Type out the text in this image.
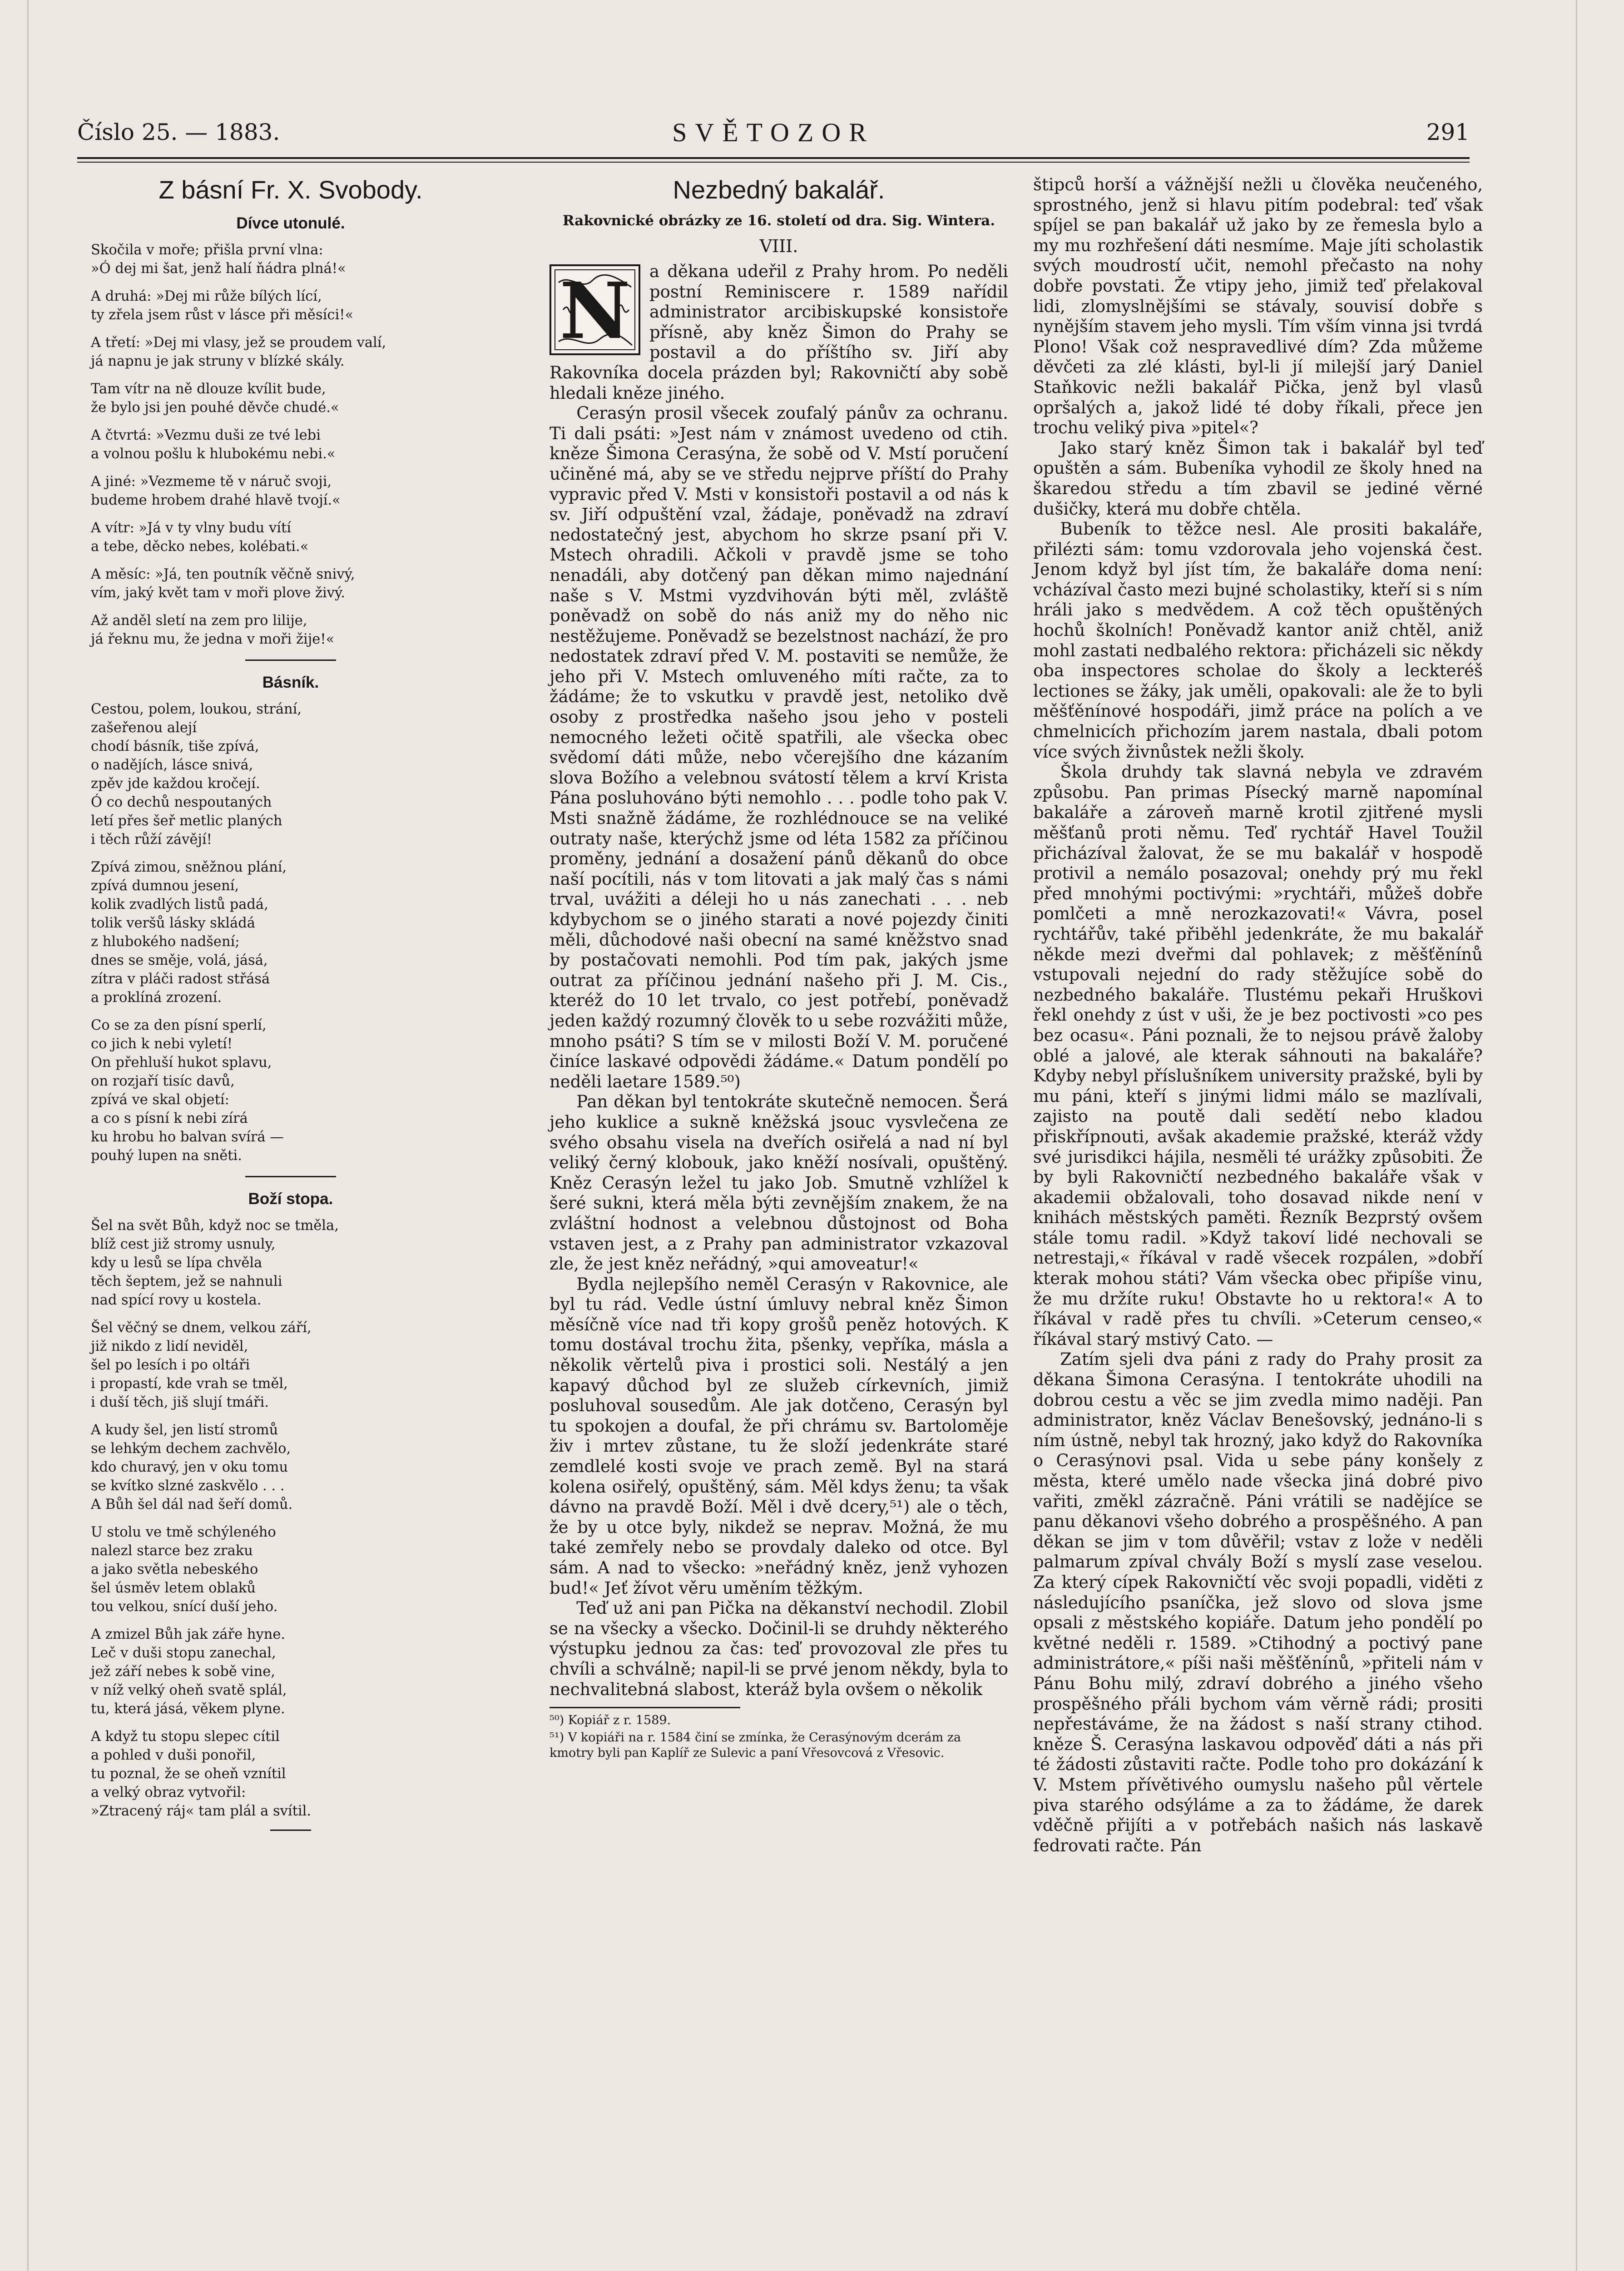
Číslo 25. — 1883.	SVĚTOZOR	291
Z básní Fr. X. Svobody.
Dívce utonulé.
Skočila v moře; přišla první vlna:
»Ó dej mi šat, jenž halí ňádra plná!«
A druhá: »Dej mi růže bílých lící,
ty zřela jsem růst v lásce při měsíci!«
A třetí: »Dej mi vlasy, jež se proudem valí,
já napnu je jak struny v blízké skály.
Tam vítr na ně dlouze kvílit bude,
že bylo jsi jen pouhé děvče chudé.«
A čtvrtá: »Vezmu duši ze tvé lebi
a volnou pošlu k hlubokému nebi.«
A jiné: »Vezmeme tě v náruč svoji,
budeme hrobem drahé hlavě tvojí.«
A vítr: »Já v ty vlny budu vítí
a tebe, děcko nebes, kolébati.«
A měsíc: »Já, ten poutník věčně snivý,
vím, jaký květ tam v moři plove živý.
Až anděl sletí na zem pro lilije,
já řeknu mu, že jedna v moři žije!«
Básník.
Cestou, polem, loukou, strání,
zašeřenou alejí
chodí básník, tiše zpívá,
o nadějích, lásce snivá,
zpěv jde každou kročejí.
Ó co dechů nespoutaných
letí přes šeř metlic planých
i těch růží závějí!
Zpívá zimou, sněžnou plání,
zpívá dumnou jesení,
kolik zvadlých listů padá,
tolik veršů lásky skládá
z hlubokého nadšení;
dnes se směje, volá, jásá,
zítra v pláči radost střásá
a proklíná zrození.
Co se za den písní sperlí,
co jich k nebi vyletí!
On přehluší hukot splavu,
on rozjaří tisíc davů,
zpívá ve skal objetí:
a co s písní k nebi zírá
ku hrobu ho balvan svírá —
pouhý lupen na sněti.
Boží stopa.
Šel na svět Bůh, když noc se tměla,
blíž cest již stromy usnuly,
kdy u lesů se lípa chvěla
těch šeptem, jež se nahnuli
nad spící rovy u kostela.
Šel věčný se dnem, velkou září,
již nikdo z lidí neviděl,
šel po lesích i po oltáři
i propastí, kde vrah se tměl,
i duší těch, jiš slují tmáři.
A kudy šel, jen listí stromů
se lehkým dechem zachvělo,
kdo churavý, jen v oku tomu
se kvítko slzné zaskvělo . . .
A Bůh šel dál nad šeří domů.
U stolu ve tmě schýleného
nalezl starce bez zraku
a jako světla nebeského
šel úsměv letem oblaků
tou velkou, snící duší jeho.
A zmizel Bůh jak záře hyne.
Leč v duši stopu zanechal,
jež září nebes k sobě vine,
v níž velký oheň svatě splál,
tu, která jásá, věkem plyne.
A když tu stopu slepec cítil
a pohled v duši ponořil,
tu poznal, že se oheň vznítil
a velký obraz vytvořil:
»Ztracený ráj« tam plál a svítil.
Nezbedný bakalář.
Rakovnické obrázky ze 16. století od dra. Sig. Wintera.
VIII.
N	a děkana udeřil z Prahy hrom. Po neděli postní Reminiscere r. 1589 nařídil administrator arcibiskupské konsistoře přísně, aby kněz Šimon do Prahy se postavil a do příštího sv. Jiří aby Rakovníka docela prázden byl; Rakovničtí aby sobě hledali kněze jiného.

Cerasýn prosil všecek zoufalý pánův za ochranu. Ti dali psáti: »Jest nám v známost uvedeno od ctih. kněze Šimona Cerasýna, že sobě od V. Mstí poručení učiněné má, aby se ve středu nejprve příští do Prahy vypravic před V. Msti v konsistoři postavil a od nás k sv. Jiří odpuštění vzal, žádaje, poněvadž na zdraví nedostatečný jest, abychom ho skrze psaní při V. Mstech ohradili. Ačkoli v pravdě jsme se toho nenadáli, aby dotčený pan děkan mimo najednání naše s V. Mstmi vyzdvihován býti měl, zvláště poněvadž on sobě do nás aniž my do něho nic nestěžujeme. Poněvadž se bezelstnost nachází, že pro nedostatek zdraví před V. M. postaviti se nemůže, že jeho při V. Mstech omluveného míti račte, za to žádáme; že to vskutku v pravdě jest, netoliko dvě osoby z prostředka našeho jsou jeho v posteli nemocného ležeti očitě spatřili, ale všecka obec svědomí dáti může, nebo včerejšího dne kázaním slova Božího a velebnou svátostí tělem a krví Krista Pána posluhováno býti nemohlo . . . podle toho pak V. Msti snažně žádáme, že rozhlédnouce se na veliké outraty naše, kterýchž jsme od léta 1582 za příčinou proměny, jednání a dosažení pánů děkanů do obce naší pocítili, nás v tom litovati a jak malý čas s námi trval, uvážiti a déleji ho u nás zanechati . . . neb kdybychom se o jiného starati a nové pojezdy činiti měli, důchodové naši obecní na samé kněžstvo snad by postačovati nemohli. Pod tím pak, jakých jsme outrat za příčinou jednání našeho při J. M. Cis., kteréž do 10 let trvalo, co jest potřebí, poněvadž jeden každý rozumný člověk to u sebe rozvážiti může, mnoho psáti? S tím se v milosti Boží V. M. poručené činíce laskavé odpovědi žádáme.« Datum pondělí po neděli laetare 1589.⁵⁰)

Pan děkan byl tentokráte skutečně nemocen. Šerá jeho kuklice a sukně kněžská jsouc vysvlečena ze svého obsahu visela na dveřích osiřelá a nad ní byl veliký černý klobouk, jako kněží nosívali, opuštěný. Kněz Cerasýn ležel tu jako Job. Smutně vzhlížel k šeré sukni, která měla býti zevnějším znakem, že na zvláštní hodnost a velebnou důstojnost od Boha vstaven jest, a z Prahy pan administrator vzkazoval zle, že jest kněz neřádný, »qui amoveatur!«

Bydla nejlepšího neměl Cerasýn v Rakovnice, ale byl tu rád. Vedle ústní úmluvy nebral kněz Šimon měsíčně více nad tři kopy grošů peněz hotových. K tomu dostával trochu žita, pšenky, vepříka, másla a několik věrtelů piva i prostici soli. Nestálý a jen kapavý důchod byl ze služeb církevních, jimiž posluhoval sousedům. Ale jak dotčeno, Cerasýn byl tu spokojen a doufal, že při chrámu sv. Bartoloměje živ i mrtev zůstane, tu že složí jedenkráte staré zemdlelé kosti svoje ve prach země. Byl na stará kolena osiřelý, opuštěný, sám. Měl kdys ženu; ta však dávno na pravdě Boží. Měl i dvě dcery,⁵¹) ale o těch, že by u otce byly, nikdež se neprav. Možná, že mu také zemřely nebo se provdaly daleko od otce. Byl sám. A nad to všecko: »neřádný kněz, jenž vyhozen bud!« Jeť žívot věru uměním těžkým.

Teď už ani pan Pička na děkanství nechodil. Zlobil se na všecky a všecko. Dočinil-li se druhdy některého výstupku jednou za čas: teď provozoval zle přes tu chvíli a schválně; napil-li se prvé jenom někdy, byla to nechvalitebná slabost, kteráž byla ovšem o několik

⁵⁰) Kopiář z r. 1589.
⁵¹) V kopiáři na r. 1584 činí se zmínka, že Cerasýnovým dcerám za kmotry byli pan Kaplíř ze Sulevic a paní Vřesovcová z Vřesovic.

štipců horší a vážnější nežli u člověka neučeného, sprostného, jenž si hlavu pitím podebral: teď však spíjel se pan bakalář už jako by ze řemesla bylo a my mu rozhřešení dáti nesmíme. Maje jíti scholastik svých moudrostí učit, nemohl přečasto na nohy dobře povstati. Že vtipy jeho, jimiž teď přelakoval lidi, zlomyslnějšími se stávaly, souvisí dobře s nynějším stavem jeho mysli. Tím vším vinna jsi tvrdá Plono! Však což nespravedlivé dím? Zda můžeme děvčeti za zlé klásti, byl-li jí milejší jarý Daniel Staňkovic nežli bakalář Pička, jenž byl vlasů opršalých a, jakož lidé té doby říkali, přece jen trochu veliký piva »pitel«?

Jako starý kněz Šimon tak i bakalář byl teď opuštěn a sám. Bubeníka vyhodil ze školy hned na škaredou středu a tím zbavil se jediné věrné dušičky, která mu dobře chtěla.

Bubeník to těžce nesl. Ale prositi bakaláře, přilézti sám: tomu vzdorovala jeho vojenská čest. Jenom když byl jíst tím, že bakaláře doma není: vcházíval často mezi bujné scholastiky, kteří si s ním hráli jako s medvědem. A což těch opuštěných hochů školních! Poněvadž kantor aniž chtěl, aniž mohl zastati nedbalého rektora: přicházeli sic někdy oba inspectores scholae do školy a leckteréš lectiones se žáky, jak uměli, opakovali: ale že to byli měšťěnínové hospodáři, jimž práce na polích a ve chmelnicích přichozím jarem nastala, dbali potom více svých živnůstek nežli školy.

Škola druhdy tak slavná nebyla ve zdravém způsobu. Pan primas Písecký marně napomínal bakaláře a zároveň marně krotil zjitřené mysli měšťanů proti němu. Teď rychtář Havel Toužil přicházíval žalovat, že se mu bakalář v hospodě protivil a nemálo posazoval; onehdy prý mu řekl před mnohými poctivými: »rychtáři, můžeš dobře pomlčeti a mně nerozkazovati!« Vávra, posel rychtářův, také přiběhl jedenkráte, že mu bakalář někde mezi dveřmi dal pohlavek; z měšťěnínů vstupovali nejední do rady stěžujíce sobě do nezbedného bakaláře. Tlustému pekaři Hruškovi řekl onehdy z úst v uši, že je bez poctivosti »co pes bez ocasu«. Páni poznali, že to nejsou právě žaloby oblé a jalové, ale kterak sáhnouti na bakaláře? Kdyby nebyl příslušníkem university pražské, byli by mu páni, kteří s jinými lidmi málo se mazlívali, zajisto na poutě dali sedětí nebo kladou přiskřípnouti, avšak akademie pražské, kteráž vždy své jurisdikci hájila, nesměli té urážky způsobiti. Že by byli Rakovničtí nezbedného bakaláře však v akademii obžalovali, toho dosavad nikde není v knihách městských paměti. Řezník Bezprstý ovšem stále tomu radil. »Když takoví lidé nechovali se netrestaji,« říkával v radě všecek rozpálen, »dobří kterak mohou státi? Vám všecka obec připíše vinu, že mu držíte ruku! Obstavte ho u rektora!« A to říkával v radě přes tu chvíli. »Ceterum censeo,« říkával starý mstivý Cato. —

Zatím sjeli dva páni z rady do Prahy prosit za děkana Šimona Cerasýna. I tentokráte uhodili na dobrou cestu a věc se jim zvedla mimo naději. Pan administrator, kněz Václav Benešovský, jednáno-li s ním ústně, nebyl tak hrozný, jako když do Rakovníka o Cerasýnovi psal. Vida u sebe pány konšely z města, které umělo nade všecka jiná dobré pivo vařiti, změkl zázračně. Páni vrátili se nadějíce se panu děkanovi všeho dobrého a prospěšného. A pan děkan se jim v tom důvěřil; vstav z lože v neděli palmarum zpíval chvály Boží s myslí zase veselou. Za který cípek Rakovničtí věc svoji popadli, viděti z následujícího psaníčka, jež slovo od slova jsme opsali z městského kopiáře. Datum jeho pondělí po květné neděli r. 1589. »Ctihodný a poctivý pane administrátore,« píši naši měšťěnínů, »přiteli nám v Pánu Bohu milý, zdraví dobrého a jiného všeho prospěšného přáli bychom vám věrně rádi; prositi nepřestáváme, že na žádost s naší strany ctihod. kněze Š. Cerasýna laskavou odpověď dáti a nás při té žádosti zůstaviti račte. Podle toho pro dokázání k V. Mstem přívětivého oumyslu našeho půl věrtele piva starého odsýláme a za to žádáme, že darek vděčně přijíti a v potřebách našich nás laskavě fedrovati račte. Pán
